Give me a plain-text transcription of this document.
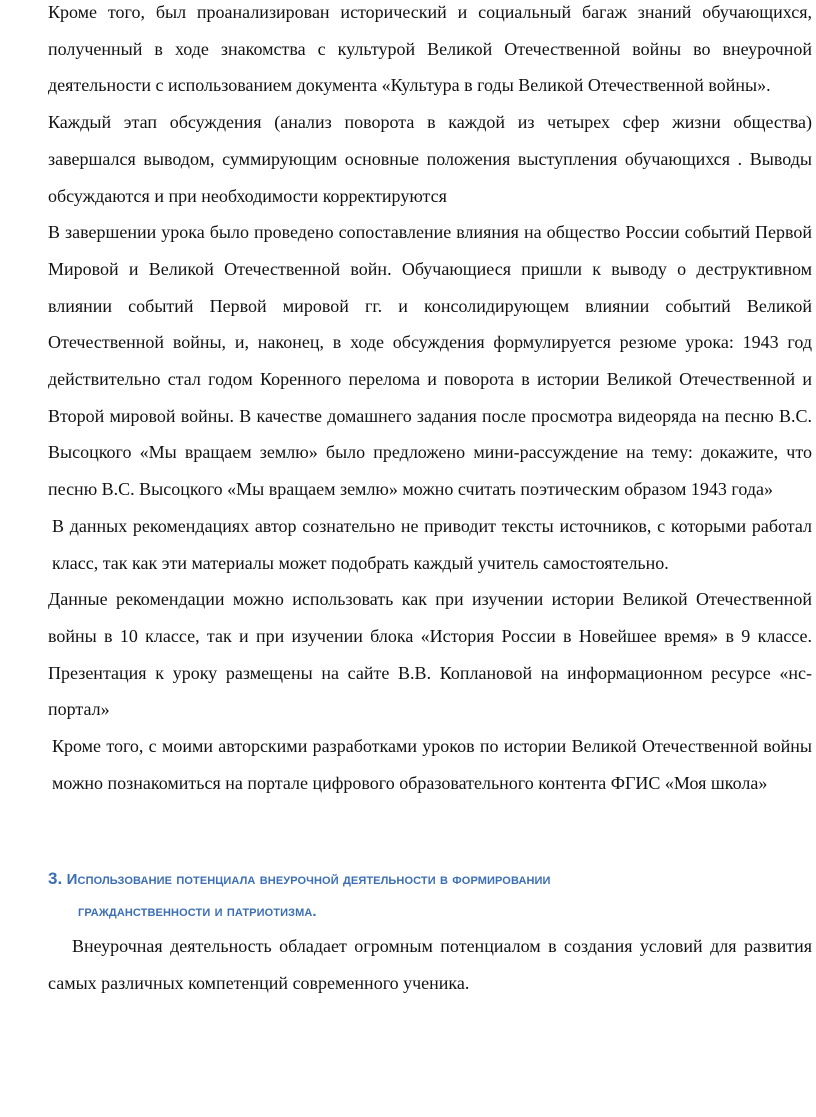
Кроме того, был проанализирован исторический и социальный багаж знаний обучающихся, полученный в ходе знакомства с культурой Великой Отечественной войны во внеурочной деятельности с использованием документа «Культура в годы Великой Отечественной войны».

Каждый этап обсуждения (анализ поворота в каждой из четырех сфер жизни общества) завершался выводом, суммирующим основные положения выступления обучающихся . Выводы обсуждаются и при необходимости корректируются

В завершении урока было проведено сопоставление влияния на общество России событий Первой Мировой и Великой Отечественной войн. Обучающиеся пришли к выводу о деструктивном влиянии событий Первой мировой гг. и консолидирующем влиянии событий Великой Отечественной войны, и, наконец, в ходе обсуждения формулируется резюме урока: 1943 год действительно стал годом Коренного перелома и поворота в истории Великой Отечественной и Второй мировой войны. В качестве домашнего задания после просмотра видеоряда на песню В.С. Высоцкого «Мы вращаем землю» было предложено мини-рассуждение на тему: докажите, что песню В.С. Высоцкого «Мы вращаем землю» можно считать поэтическим образом 1943 года»

В данных рекомендациях автор сознательно не приводит тексты источников, с которыми работал класс, так как эти материалы может подобрать каждый учитель самостоятельно.

Данные рекомендации можно использовать как при изучении истории Великой Отечественной войны в 10 классе, так и при изучении блока «История России в Новейшее время» в 9 классе. Презентация к уроку размещены на сайте В.В. Коплановой на информационном ресурсе «нс-портал»

Кроме того, с моими авторскими разработками уроков по истории Великой Отечественной войны можно познакомиться на портале цифрового образовательного контента ФГИС «Моя школа»

3. Использование потенциала внеурочной деятельности в формировании
гражданственности и патриотизма.

Внеурочная деятельность обладает огромным потенциалом в создания условий для развития самых различных компетенций современного ученика.
